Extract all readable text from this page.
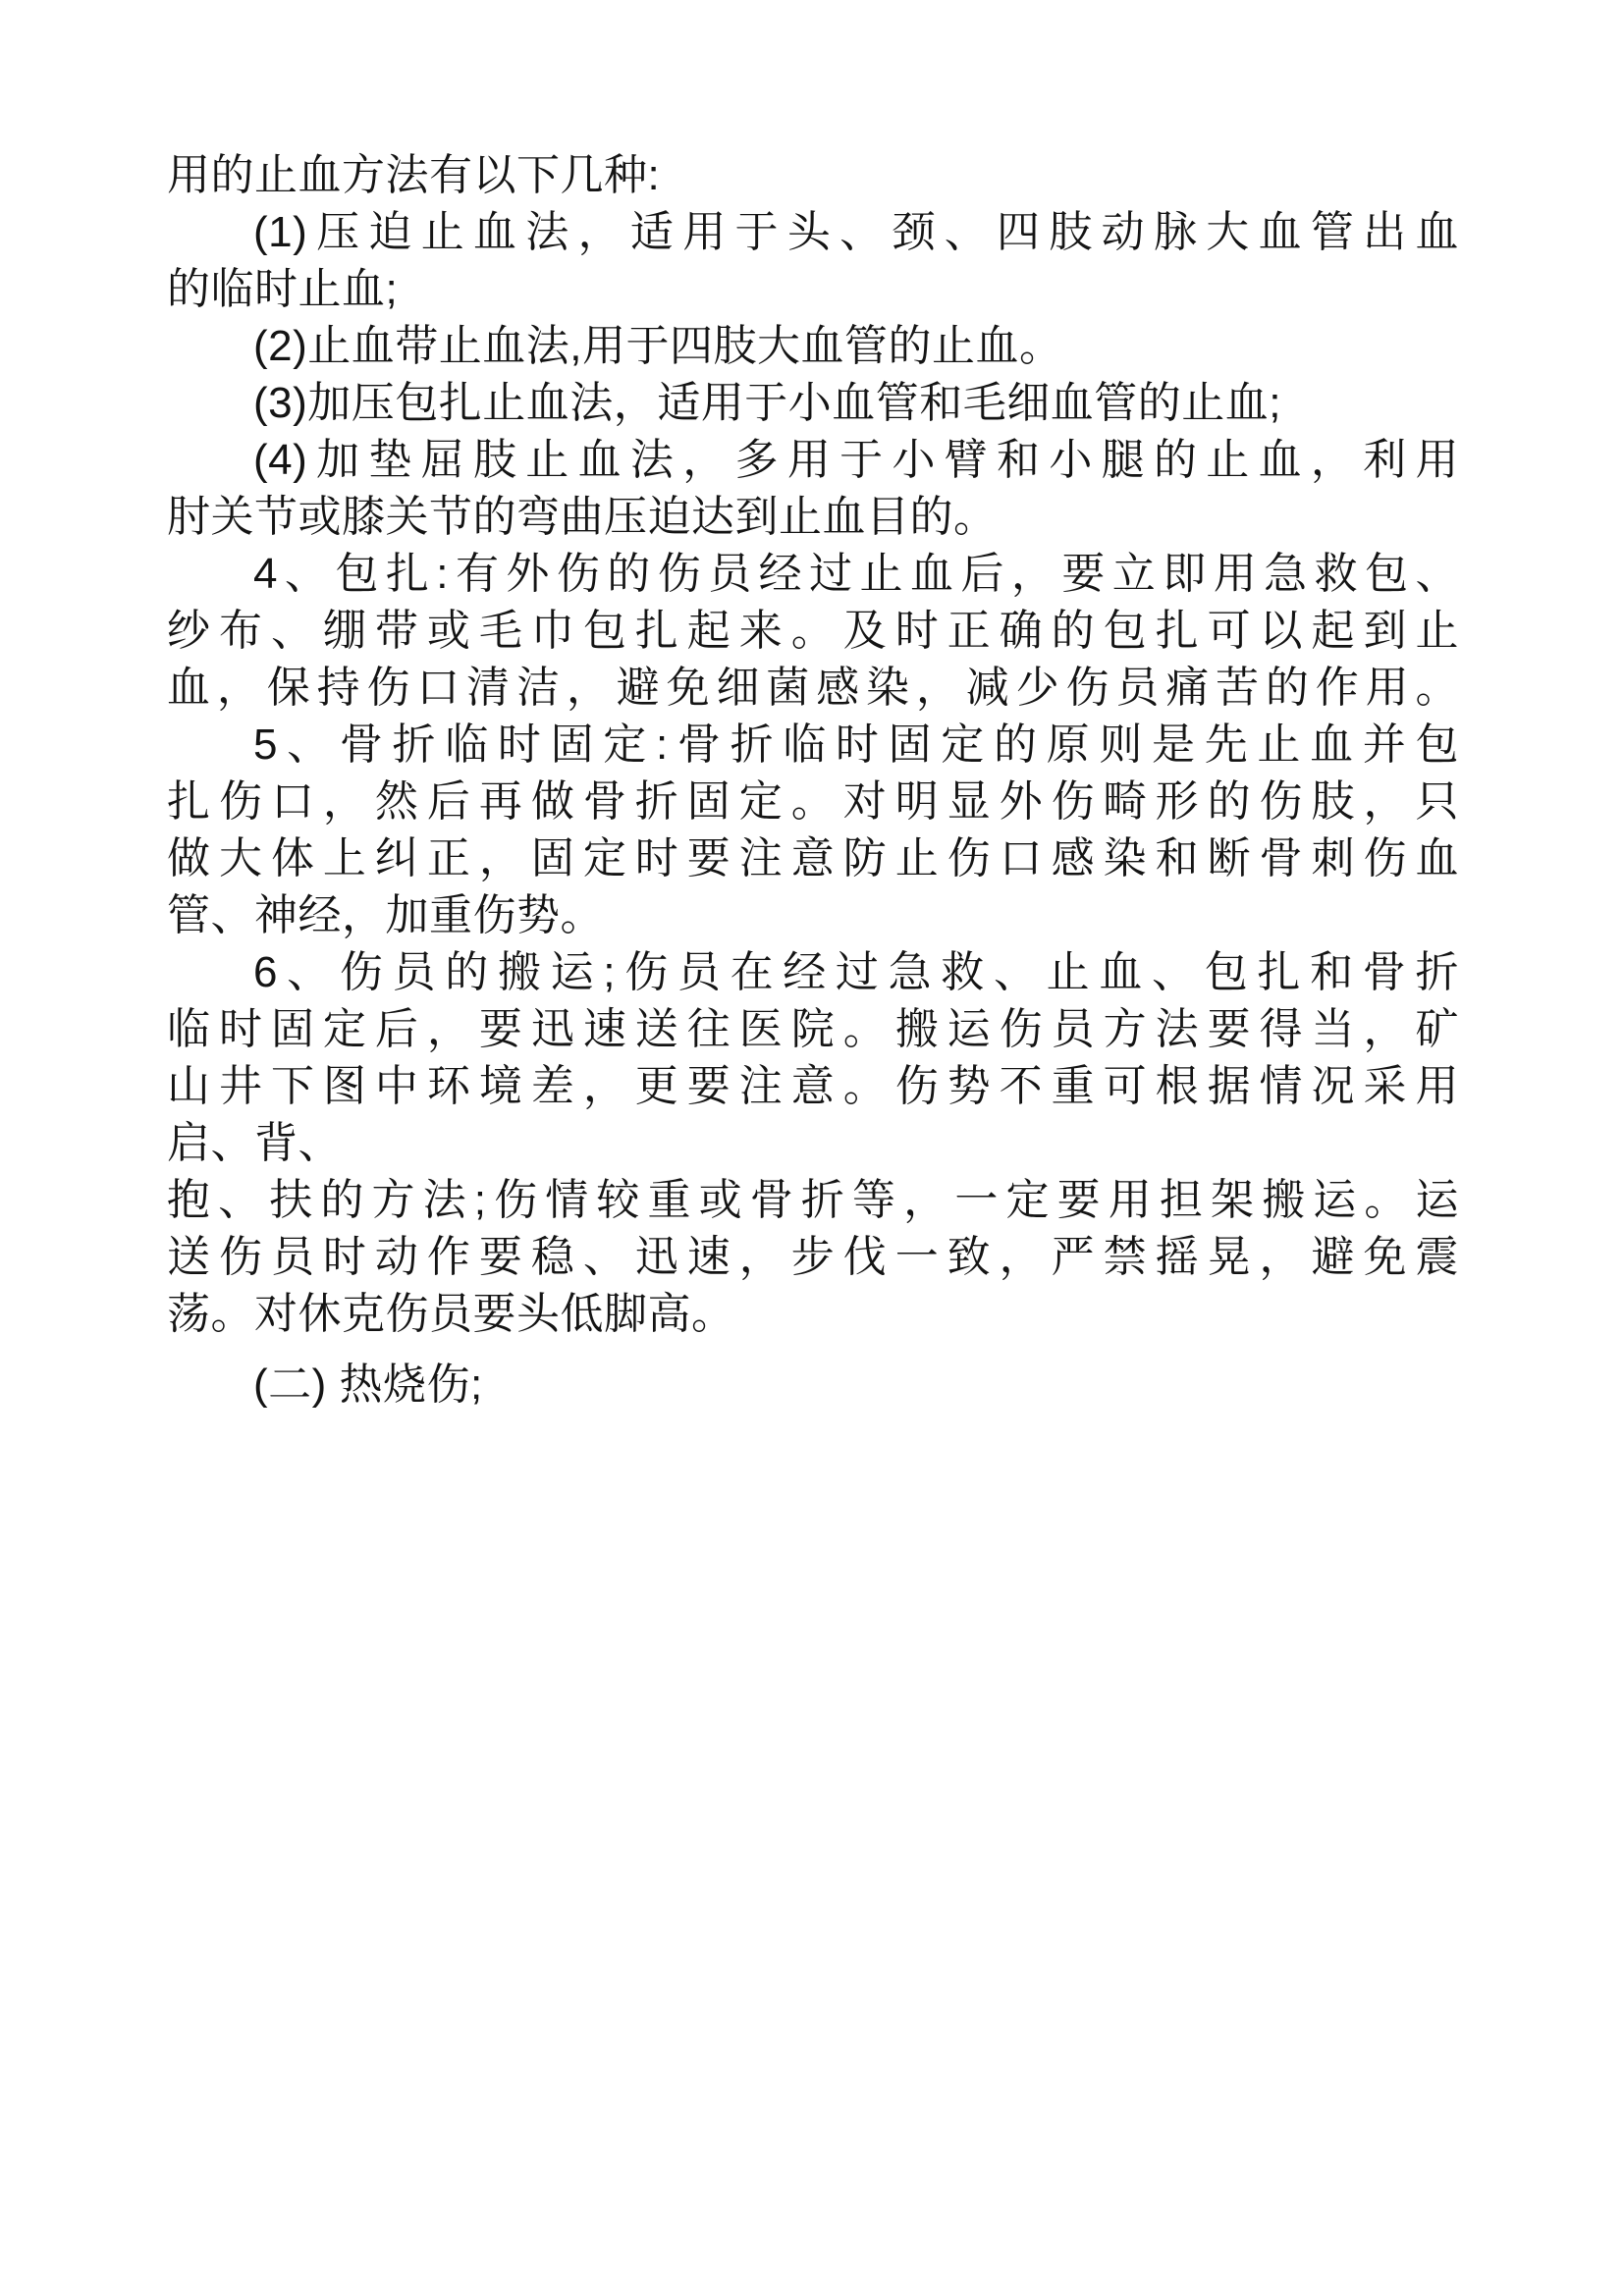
用的止血方法有以下几种:
(1)压迫止血法，适用于头、颈、四肢动脉大血管出血
的临时止血;
(2)止血带止血法,用于四肢大血管的止血。
(3)加压包扎止血法，适用于小血管和毛细血管的止血;
(4)加垫屈肢止血法，多用于小臂和小腿的止血，利用
肘关节或膝关节的弯曲压迫达到止血目的。
4、包扎:有外伤的伤员经过止血后，要立即用急救包、
纱布、绷带或毛巾包扎起来。及时正确的包扎可以起到止
血，保持伤口清洁，避免细菌感染，减少伤员痛苦的作用。
5、骨折临时固定:骨折临时固定的原则是先止血并包
扎伤口，然后再做骨折固定。对明显外伤畸形的伤肢，只
做大体上纠正，固定时要注意防止伤口感染和断骨刺伤血
管、神经，加重伤势。
6、伤员的搬运;伤员在经过急救、止血、包扎和骨折
临时固定后，要迅速送往医院。搬运伤员方法要得当，矿
山井下图中环境差，更要注意。伤势不重可根据情况采用
启、背、
抱、扶的方法;伤情较重或骨折等，一定要用担架搬运。运
送伤员时动作要稳、迅速，步伐一致，严禁摇晃，避免震
荡。对休克伤员要头低脚高。
(二) 热烧伤;
